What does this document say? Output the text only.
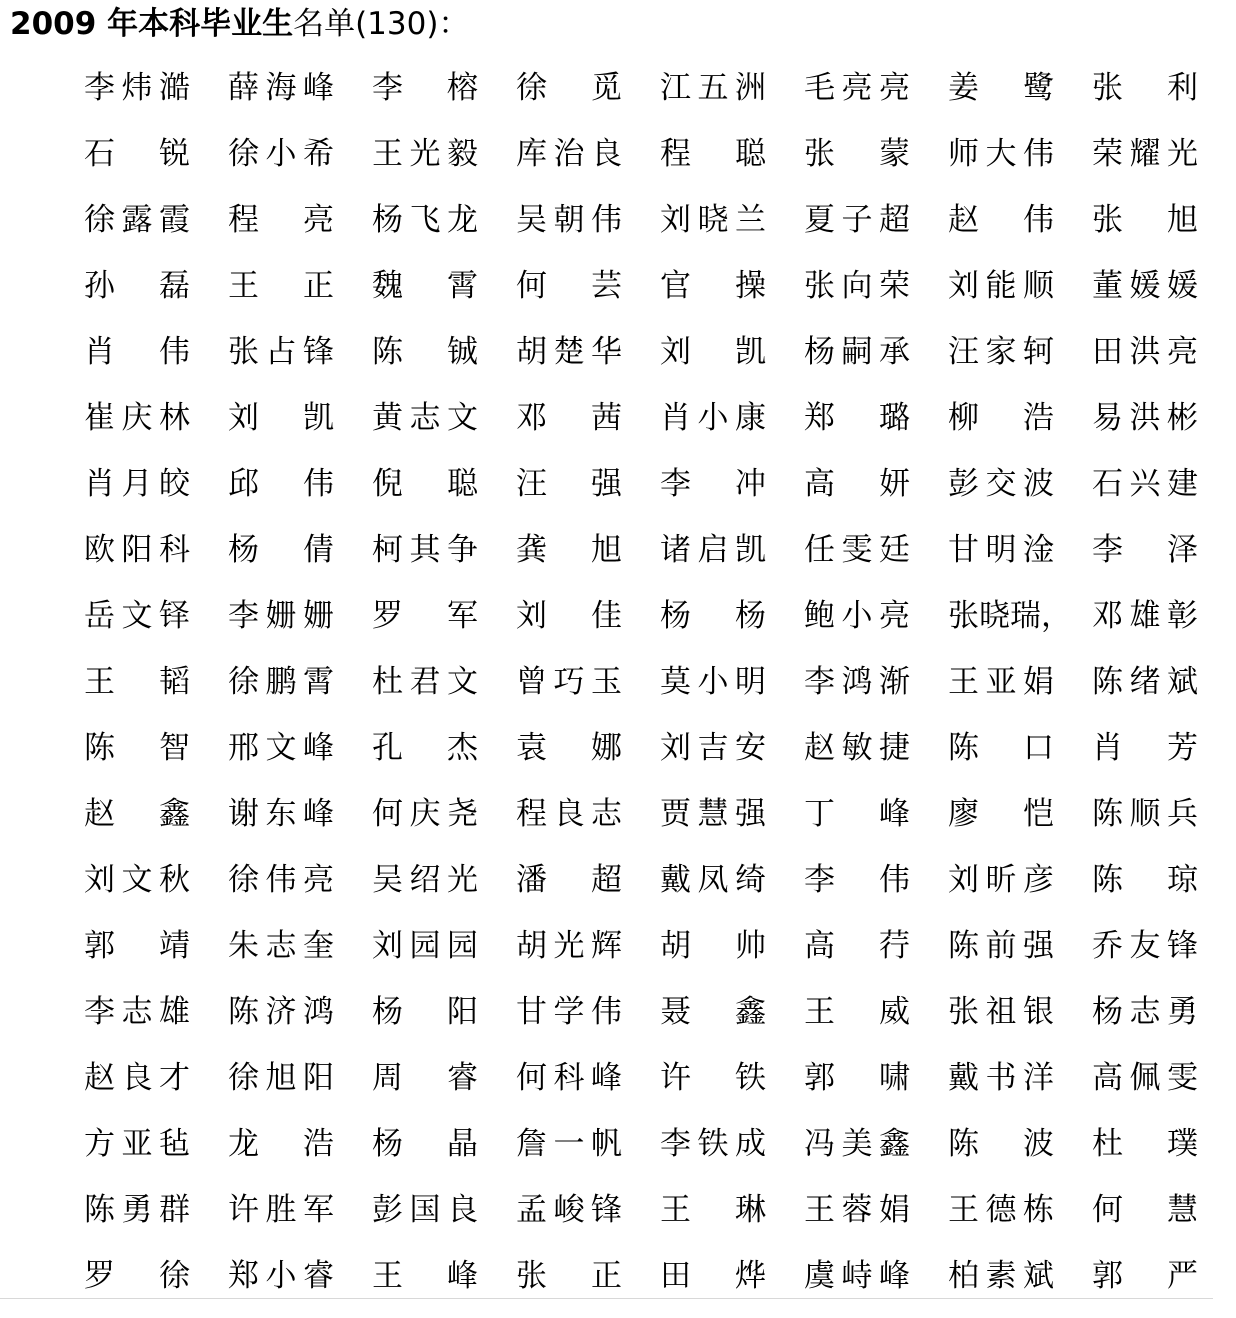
2009 年本科毕业生名单(130)：
李 炜 澔 薛 海 峰 李 榕 徐 觅 江 五 洲 毛 亮 亮 姜 鹭 张 利
石 锐 徐 小 希 王 光 毅 库 治 良 程 聪 张 蒙 师 大 伟 荣 耀 光
徐 露 霞 程 亮 杨 飞 龙 吴 朝 伟 刘 晓 兰 夏 子 超 赵 伟 张 旭
孙 磊 王 正 魏 霄 何 芸 官 操 张 向 荣 刘 能 顺 董 媛 媛
肖 伟 张 占 锋 陈 铖 胡 楚 华 刘 凯 杨 嗣 承 汪 家 轲 田 洪 亮
崔 庆 林 刘 凯 黄 志 文 邓 茜 肖 小 康 郑 璐 柳 浩 易 洪 彬
肖 月 皎 邱 伟 倪 聪 汪 强 李 冲 高 妍 彭 交 波 石 兴 建
欧 阳 科 杨 倩 柯 其 争 龚 旭 诸 启 凯 任 雯 廷 甘 明 淦 李 泽
岳 文 铎 李 姗 姗 罗 军 刘 佳 杨 杨 鲍 小 亮 张 晓 瑞 ， 邓 雄 彰
王 韬 徐 鹏 霄 杜 君 文 曾 巧 玉 莫 小 明 李 鸿 渐 王 亚 娟 陈 绪 斌
陈 智 邢 文 峰 孔 杰 袁 娜 刘 吉 安 赵 敏 捷 陈 口 肖 芳
赵 鑫 谢 东 峰 何 庆 尧 程 良 志 贾 慧 强 丁 峰 廖 恺 陈 顺 兵
刘 文 秋 徐 伟 亮 吴 绍 光 潘 超 戴 凤 绮 李 伟 刘 昕 彦 陈 琼
郭 靖 朱 志 奎 刘 园 园 胡 光 辉 胡 帅 高 荇 陈 前 强 乔 友 锋
李 志 雄 陈 济 鸿 杨 阳 甘 学 伟 聂 鑫 王 威 张 祖 银 杨 志 勇
赵 良 才 徐 旭 阳 周 睿 何 科 峰 许 铁 郭 啸 戴 书 洋 高 佩 雯
方 亚 毡 龙 浩 杨 晶 詹 一 帆 李 铁 成 冯 美 鑫 陈 波 杜 璞
陈 勇 群 许 胜 军 彭 国 良 孟 峻 锋 王 琳 王 蓉 娟 王 德 栋 何 慧
罗 徐 郑 小 睿 王 峰 张 正 田 烨 虞 峙 峰 柏 素 斌 郭 严
